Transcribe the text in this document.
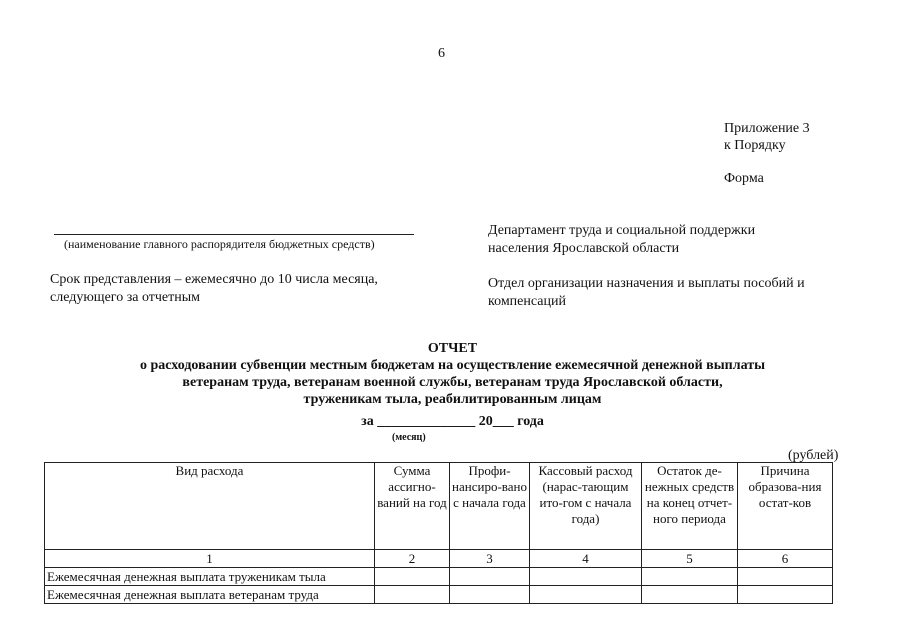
6
Приложение 3
к Порядку
Форма
(наименование главного распорядителя бюджетных средств)
Департамент труда и социальной поддержки
населения Ярославской области
Срок представления – ежемесячно до 10 числа месяца,
следующего за отчетным
Отдел организации назначения и выплаты пособий и
компенсаций
ОТЧЕТ
о расходовании субвенции местным бюджетам на осуществление ежемесячной денежной выплаты
ветеранам труда, ветеранам военной службы, ветеранам труда Ярославской области,
труженикам тыла, реабилитированным лицам
за ______________ 20___ года
(месяц)
(рублей)
Вид расхода	Сумма ассигно-ваний на год	Профи-нансиро-вано с начала года	Кассовый расход (нарас-тающим ито-гом с начала года)	Остаток де-нежных средств на конец отчет-ного периода	Причина образова-ния остат-ков
1	2	3	4	5	6
Ежемесячная денежная выплата труженикам тыла					
Ежемесячная денежная выплата ветеранам труда					
